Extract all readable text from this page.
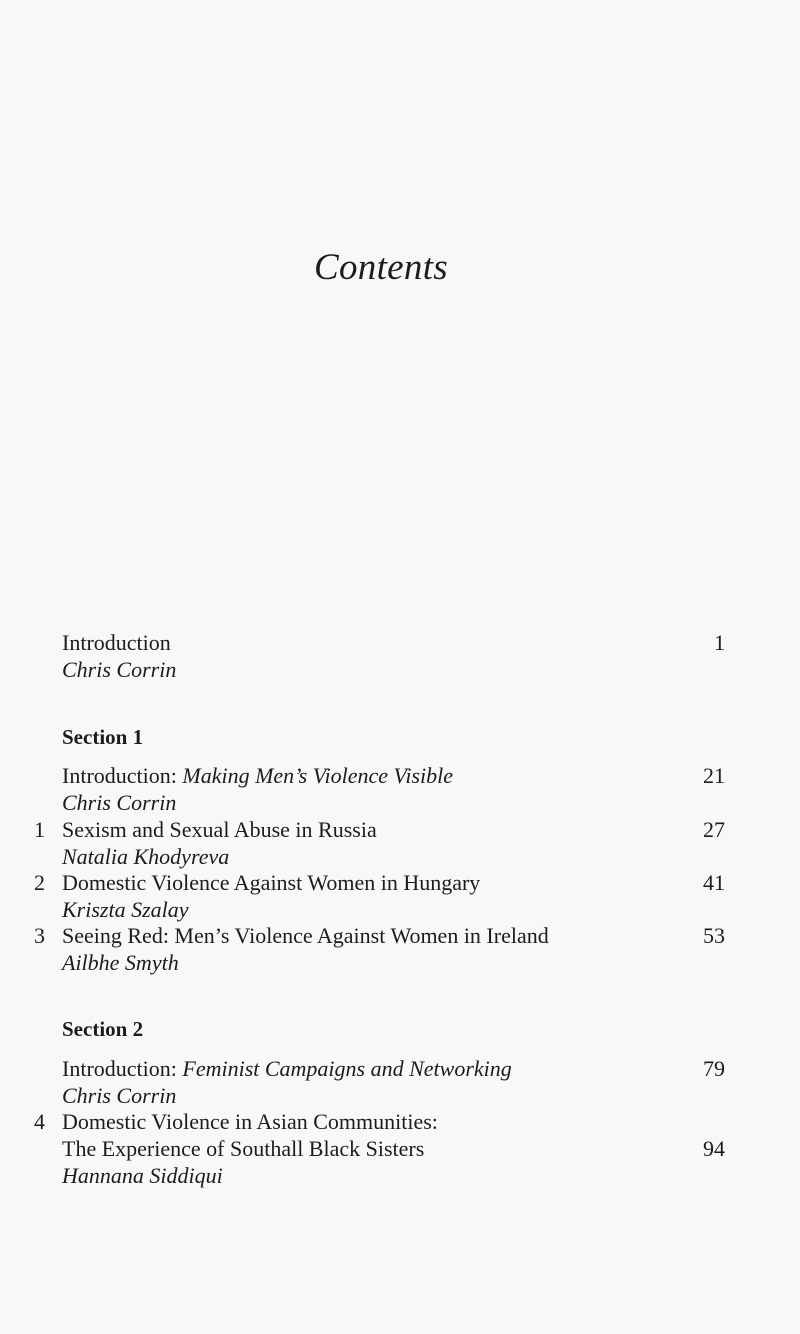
Contents
Introduction	1
Chris Corrin
Section 1
Introduction: Making Men’s Violence Visible	21
Chris Corrin
1 Sexism and Sexual Abuse in Russia	27
Natalia Khodyreva
2 Domestic Violence Against Women in Hungary	41
Kriszta Szalay
3 Seeing Red: Men’s Violence Against Women in Ireland	53
Ailbhe Smyth
Section 2
Introduction: Feminist Campaigns and Networking	79
Chris Corrin
4 Domestic Violence in Asian Communities:
The Experience of Southall Black Sisters	94
Hannana Siddiqui
